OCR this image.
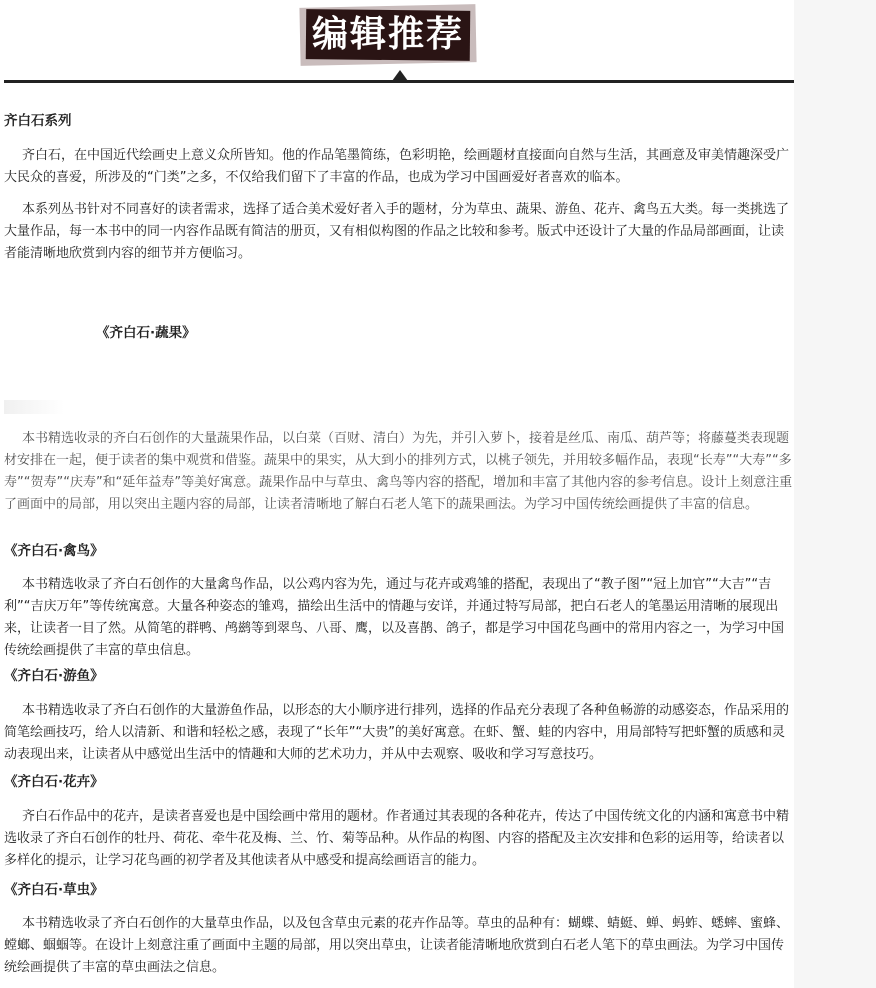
编辑推荐
齐白石系列
齐白石，在中国近代绘画史上意义众所皆知。他的作品笔墨简练，色彩明艳，绘画题材直接面向自然与生活，其画意及审美情趣深受广大民众的喜爱，所涉及的“门类”之多，不仅给我们留下了丰富的作品，也成为学习中国画爱好者喜欢的临本。
本系列丛书针对不同喜好的读者需求，选择了适合美术爱好者入手的题材，分为草虫、蔬果、游鱼、花卉、禽鸟五大类。每一类挑选了大量作品，每一本书中的同一内容作品既有简洁的册页，又有相似构图的作品之比较和参考。版式中还设计了大量的作品局部画面，让读者能清晰地欣赏到内容的细节并方便临习。
《齐白石·蔬果》
本书精选收录的齐白石创作的大量蔬果作品，以白菜（百财、清白）为先，并引入萝卜，接着是丝瓜、南瓜、葫芦等；将藤蔓类表现题材安排在一起，便于读者的集中观赏和借鉴。蔬果中的果实，从大到小的排列方式，以桃子领先，并用较多幅作品，表现“长寿”“大寿”“多寿”“贺寿”“庆寿”和“延年益寿”等美好寓意。蔬果作品中与草虫、禽鸟等内容的搭配，增加和丰富了其他内容的参考信息。设计上刻意注重了画面中的局部，用以突出主题内容的局部，让读者清晰地了解白石老人笔下的蔬果画法。为学习中国传统绘画提供了丰富的信息。
《齐白石·禽鸟》
本书精选收录了齐白石创作的大量禽鸟作品，以公鸡内容为先，通过与花卉或鸡雏的搭配，表现出了“教子图”“冠上加官”“大吉”“吉利”“吉庆万年”等传统寓意。大量各种姿态的雏鸡，描绘出生活中的情趣与安详，并通过特写局部，把白石老人的笔墨运用清晰的展现出来，让读者一目了然。从简笔的群鸭、鸬鹚等到翠鸟、八哥、鹰，以及喜鹊、鸽子，都是学习中国花鸟画中的常用内容之一，为学习中国传统绘画提供了丰富的草虫信息。
《齐白石·游鱼》
本书精选收录了齐白石创作的大量游鱼作品，以形态的大小顺序进行排列，选择的作品充分表现了各种鱼畅游的动感姿态，作品采用的简笔绘画技巧，给人以清新、和谐和轻松之感，表现了“长年”“大贵”的美好寓意。在虾、蟹、蛙的内容中，用局部特写把虾蟹的质感和灵动表现出来，让读者从中感觉出生活中的情趣和大师的艺术功力，并从中去观察、吸收和学习写意技巧。
《齐白石·花卉》
齐白石作品中的花卉，是读者喜爱也是中国绘画中常用的题材。作者通过其表现的各种花卉，传达了中国传统文化的内涵和寓意书中精选收录了齐白石创作的牡丹、荷花、牵牛花及梅、兰、竹、菊等品种。从作品的构图、内容的搭配及主次安排和色彩的运用等，给读者以多样化的提示，让学习花鸟画的初学者及其他读者从中感受和提高绘画语言的能力。
《齐白石·草虫》
本书精选收录了齐白石创作的大量草虫作品，以及包含草虫元素的花卉作品等。草虫的品种有：蝴蝶、蜻蜓、蝉、蚂蚱、蟋蟀、蜜蜂、螳螂、蝈蝈等。在设计上刻意注重了画面中主题的局部，用以突出草虫，让读者能清晰地欣赏到白石老人笔下的草虫画法。为学习中国传统绘画提供了丰富的草虫画法之信息。
